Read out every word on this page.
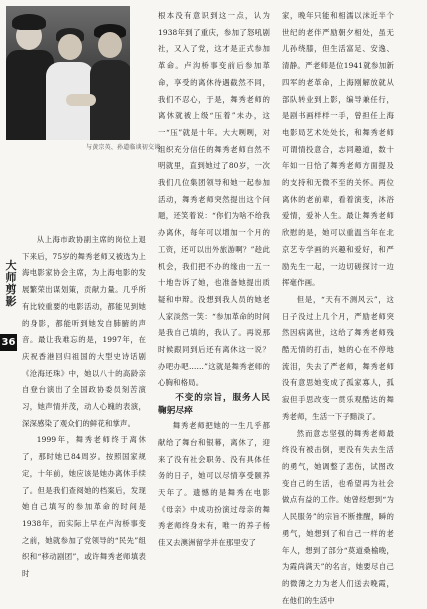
与黄宗英、孙道临谈初交谈
大师剪影
36

从上海市政协副主席的岗位上退下来后，75岁的舞秀老师又被选为上海电影家协会主席，为上海电影的发展繁荣出谋划策，贡献力量。几乎所有比较重要的电影活动，都能见到她的身影，都能听到她发自肺腑的声音。最让我难忘的是，1997年，在庆祝香港回归祖国的大型史诗话剧《沧海还珠》中，她以八十的高龄亲自登台演出了全国政协委员刻苦演习，她声情并茂，动人心魄的表演，深深感染了观众们的鲜花和掌声。

1999年，舞秀老师终于离休了，那时她已84周岁。按照国家规定，十年前，她应该是她办离休手续了。但是我们查阅她的档案后，发现她自己填写的参加革命的时间是1938年，而实际上早在卢沟桥事变之前，她就参加了党领导的“民先”组织和“移动剧团”，或许舞秀老师填表时

根本没有意识到这一点，认为1938年到了重庆，参加了怒吼剧社，又入了党，这才是正式参加革命。卢沟桥事变前后参加革命，享受的离休待遇截然不同，我们不忍心，于是，舞秀老师的离休就被上级“压着”未办，这一“压”就是十年。大大咧咧，对组织充分信任的舞秀老师自然不明就里，直到她过了80岁，一次我们几位集团领导和她一起参加活动，舞秀老师突然提出这个问题，还笑着说：“你们为啥不给我办离休，每年可以增加一个月的工资，还可以出外旅游啊？”趁此机会，我们把不办的缘由一五一十地告诉了她，也准备她提出质疑和申辩。没想到我人员的她老人家淡然一笑：“参加革命的时间是我自己填的，我认了。再说那时候跟同到后还有离休这一说？办吧办吧……”这就是舞秀老师的心胸和格局。

不变的宗旨，服务人民鞠躬尽瘁

舞秀老师把她的一生几乎都献给了舞台和银幕，离休了，迎来了没有社会职务、没有具体任务的日子，她可以尽情享受颐养天年了。遗憾的是舞秀在电影《母亲》中成功扮演过母亲的舞秀老师终身未有，唯一的养子杨佳又去澳洲留学并在那里安了

家，晚年只能和相濡以沫近半个世纪的老伴严励朝夕相处，虽无儿孙绕膝，但生活富足、安逸、清静。严老师是位1941就参加新四军的老革命，上海刚解放就从部队转业到上影，编导兼任行，是剧书画样样一手，曾担任上海电影局艺术处处长，和舞秀老师可谓情投意合，志同趣道，数十年如一日恰了舞秀老师方面提及的支持和无微不至的关怀。两位离休的老前辈，看着演变，沐浴爱情，爱补人生。最让舞秀老师欣慰的是，她可以重温当年在北京艺专学画的兴趣和爱好，和严励先生一起，一边切磋探讨一边挥毫作画。

但是，“天有不测风云”，这日子没过上几个月，严励老师突然因病离世，这给了舞秀老师残酷无情的打击，她的心在不停地流泪，失去了严老师，舞秀老师没有意思她变成了孤家寡人，孤寂但手思改变一贯乐观酷达的舞秀老师，生活一下子黯淡了。

然而意志坚强的舞秀老师最终没有被击倒，更没有失去生活的勇气，她调整了悲伤，试图改变自己的生活，也希望再为社会做点有益的工作。她曾经想到“为人民服务”的宗旨不断推醒，瞬的勇气，她想到了和自己一样的老年人，想到了部分“莫道桑榆晚，为霞尚满天”的名言，她要尽自己的微薄之力为老人们送去晚霞，在他们的生活中
